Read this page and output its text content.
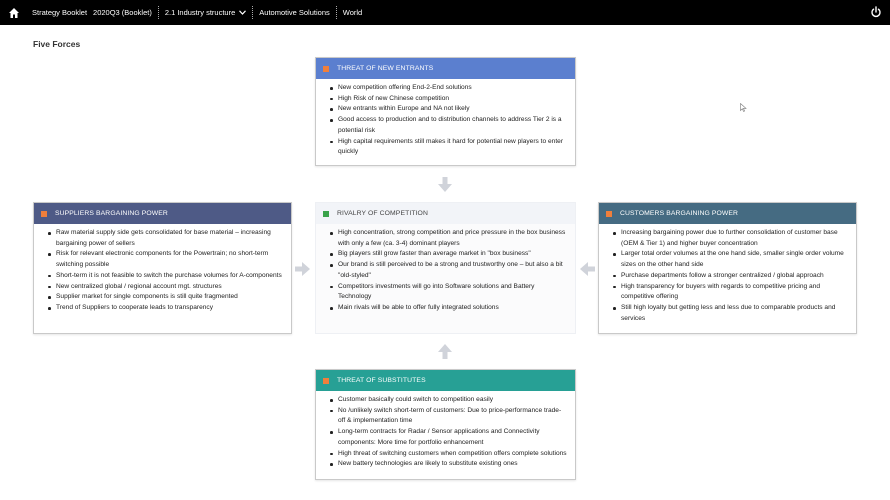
Strategy Booklet 2020Q3 (Booklet)	2.1 Industry structure	Automotive Solutions	World
Five Forces
THREAT OF NEW ENTRANTS
New competition offering End-2-End solutions
High Risk of new Chinese competition
New entrants within Europe and NA not likely
Good access to production and to distribution channels to address Tier 2 is a potential risk
High capital requirements still makes it hard for potential new players to enter quickly
SUPPLIERS BARGAINING POWER
Raw material supply side gets consolidated for base material – increasing bargaining power of sellers
Risk for relevant electronic components for the Powertrain; no short-term switching possible
Short-term it is not feasible to switch the purchase volumes for A-components
New centralized global / regional account mgt. structures
Supplier market for single components is still quite fragmented
Trend of Suppliers to cooperate leads to transparency
RIVALRY OF COMPETITION
High concentration, strong competition and price pressure in the box business with only a few (ca. 3-4) dominant players
Big players still grow faster than average market in "box business"
Our brand is still perceived to be a strong and trustworthy one – but also a bit "old-styled"
Competitors investments will go into Software solutions and Battery Technology
Main rivals will be able to offer fully integrated solutions
CUSTOMERS BARGAINING POWER
Increasing bargaining power due to further consolidation of customer base (OEM & Tier 1) and higher buyer concentration
Larger total order volumes at the one hand side, smaller single order volume sizes on the other hand side
Purchase departments follow a stronger centralized / global approach
High transparency for buyers with regards to competitive pricing and competitive offering
Still high loyalty but getting less and less due to comparable products and services
THREAT OF SUBSTITUTES
Customer basically could switch to competition easily
No /unlikely switch short-term of customers: Due to price-performance trade-off & implementation time
Long-term contracts for Radar / Sensor applications and Connectivity components: More time for portfolio enhancement
High threat of switching customers when competition offers complete solutions
New battery technologies are likely to substitute existing ones
